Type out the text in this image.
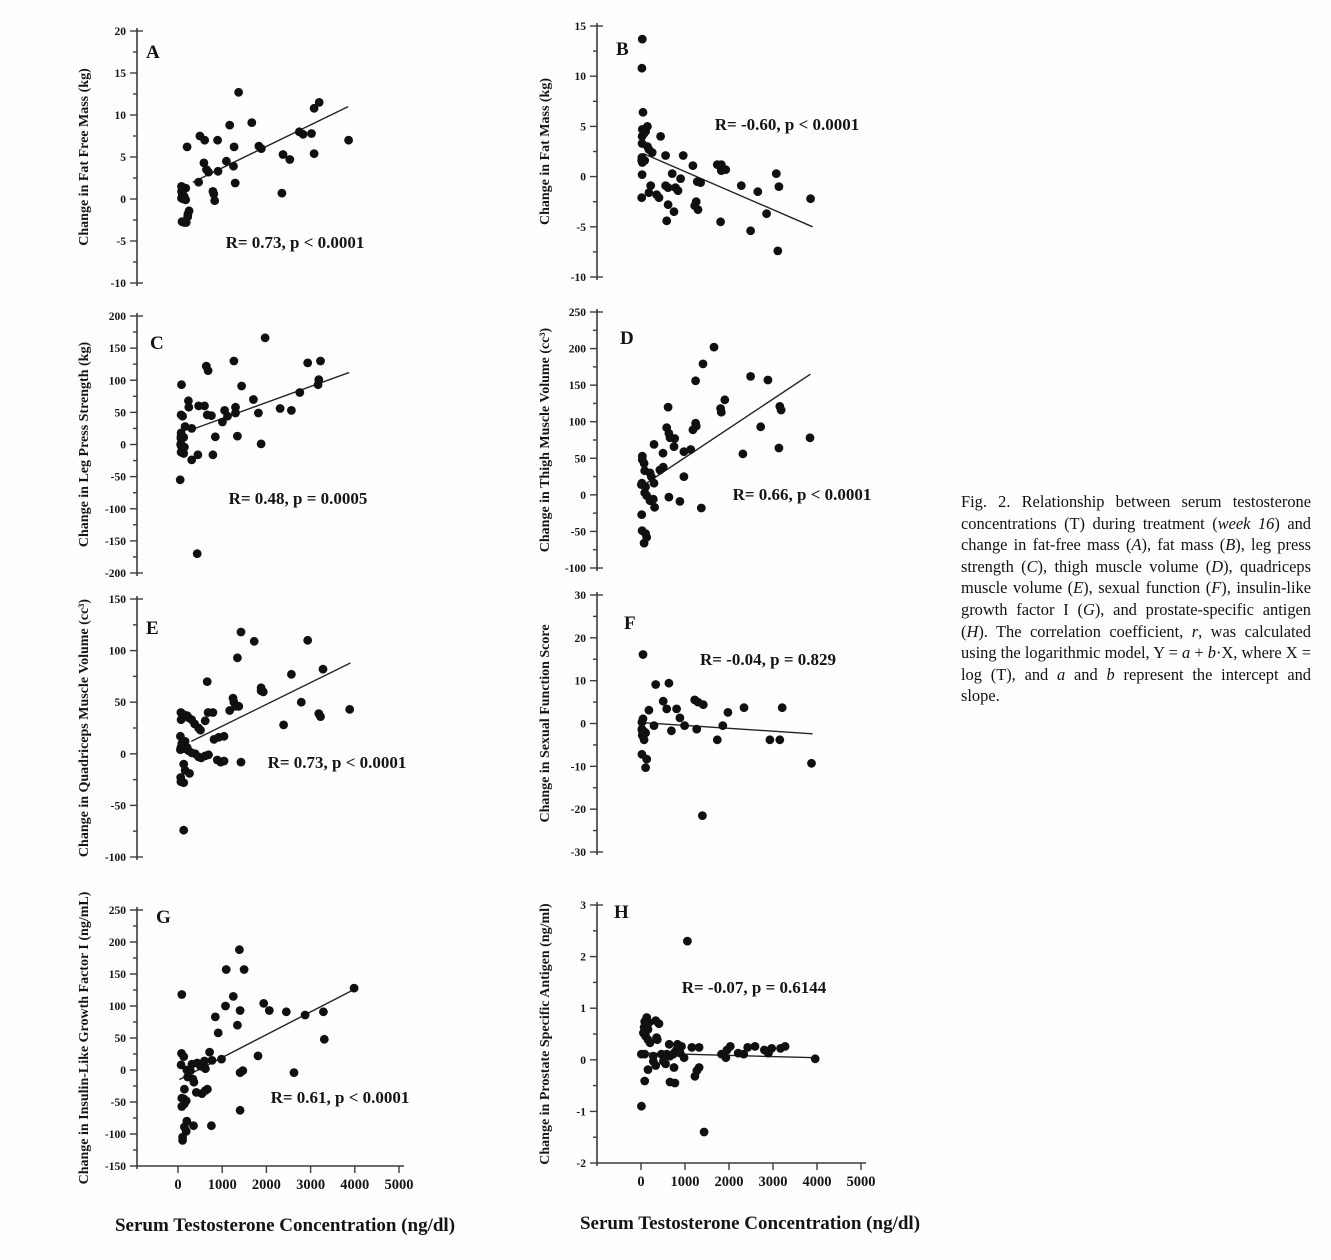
Serum Testosterone Concentration (ng/dl)	Serum Testosterone Concentration (ng/dl)
20
15
10
5
0
-5
-10
Change in Fat Free Mass (kg)
A
R= 0.73, p < 0.0001
15
10
5
0
-5
-10
Change in Fat Mass (kg)
B
R= -0.60, p < 0.0001
200
150
100
50
0
-50
-100
-150
-200
Change in Leg Press Strength (kg)	C
R= 0.48, p = 0.0005
250
200
150
100
50
0
-50
-100
Change in Thigh Muscle Volume (cc³)	D
R= 0.66, p < 0.0001
150
100
50
0
-50
-100
Change in Quadriceps Muscle Volume (cc³)	E
R= 0.73, p < 0.0001
30
20
10
0
-10
-20
-30
Change in Sexual Function Score
F
R= -0.04, p = 0.829
250
200
150
100
50
0
-50
-100
-150
0 1000 2000 3000 4000 5000
Change in Insulin-Like Growth Factor I (ng/mL)	G
R= 0.61, p < 0.0001
3
2
1
0
-1
-2
0 1000 2000 3000 4000 5000
Change in Prostate Specific Antigen (ng/ml)	H
R= -0.07, p = 0.6144
Fig. 2. Relationship between serum testosterone concentrations (T) during treatment (week 16) and change in fat-free mass (A), fat mass (B), leg press strength (C), thigh muscle volume (D), quadriceps muscle volume (E), sexual function (F), insulin-like growth factor I (G), and prostate-specific antigen (H). The correlation coefficient, r, was calculated using the logarithmic model, Y = a + b·X, where X = log (T), and a and b represent the intercept and slope.
